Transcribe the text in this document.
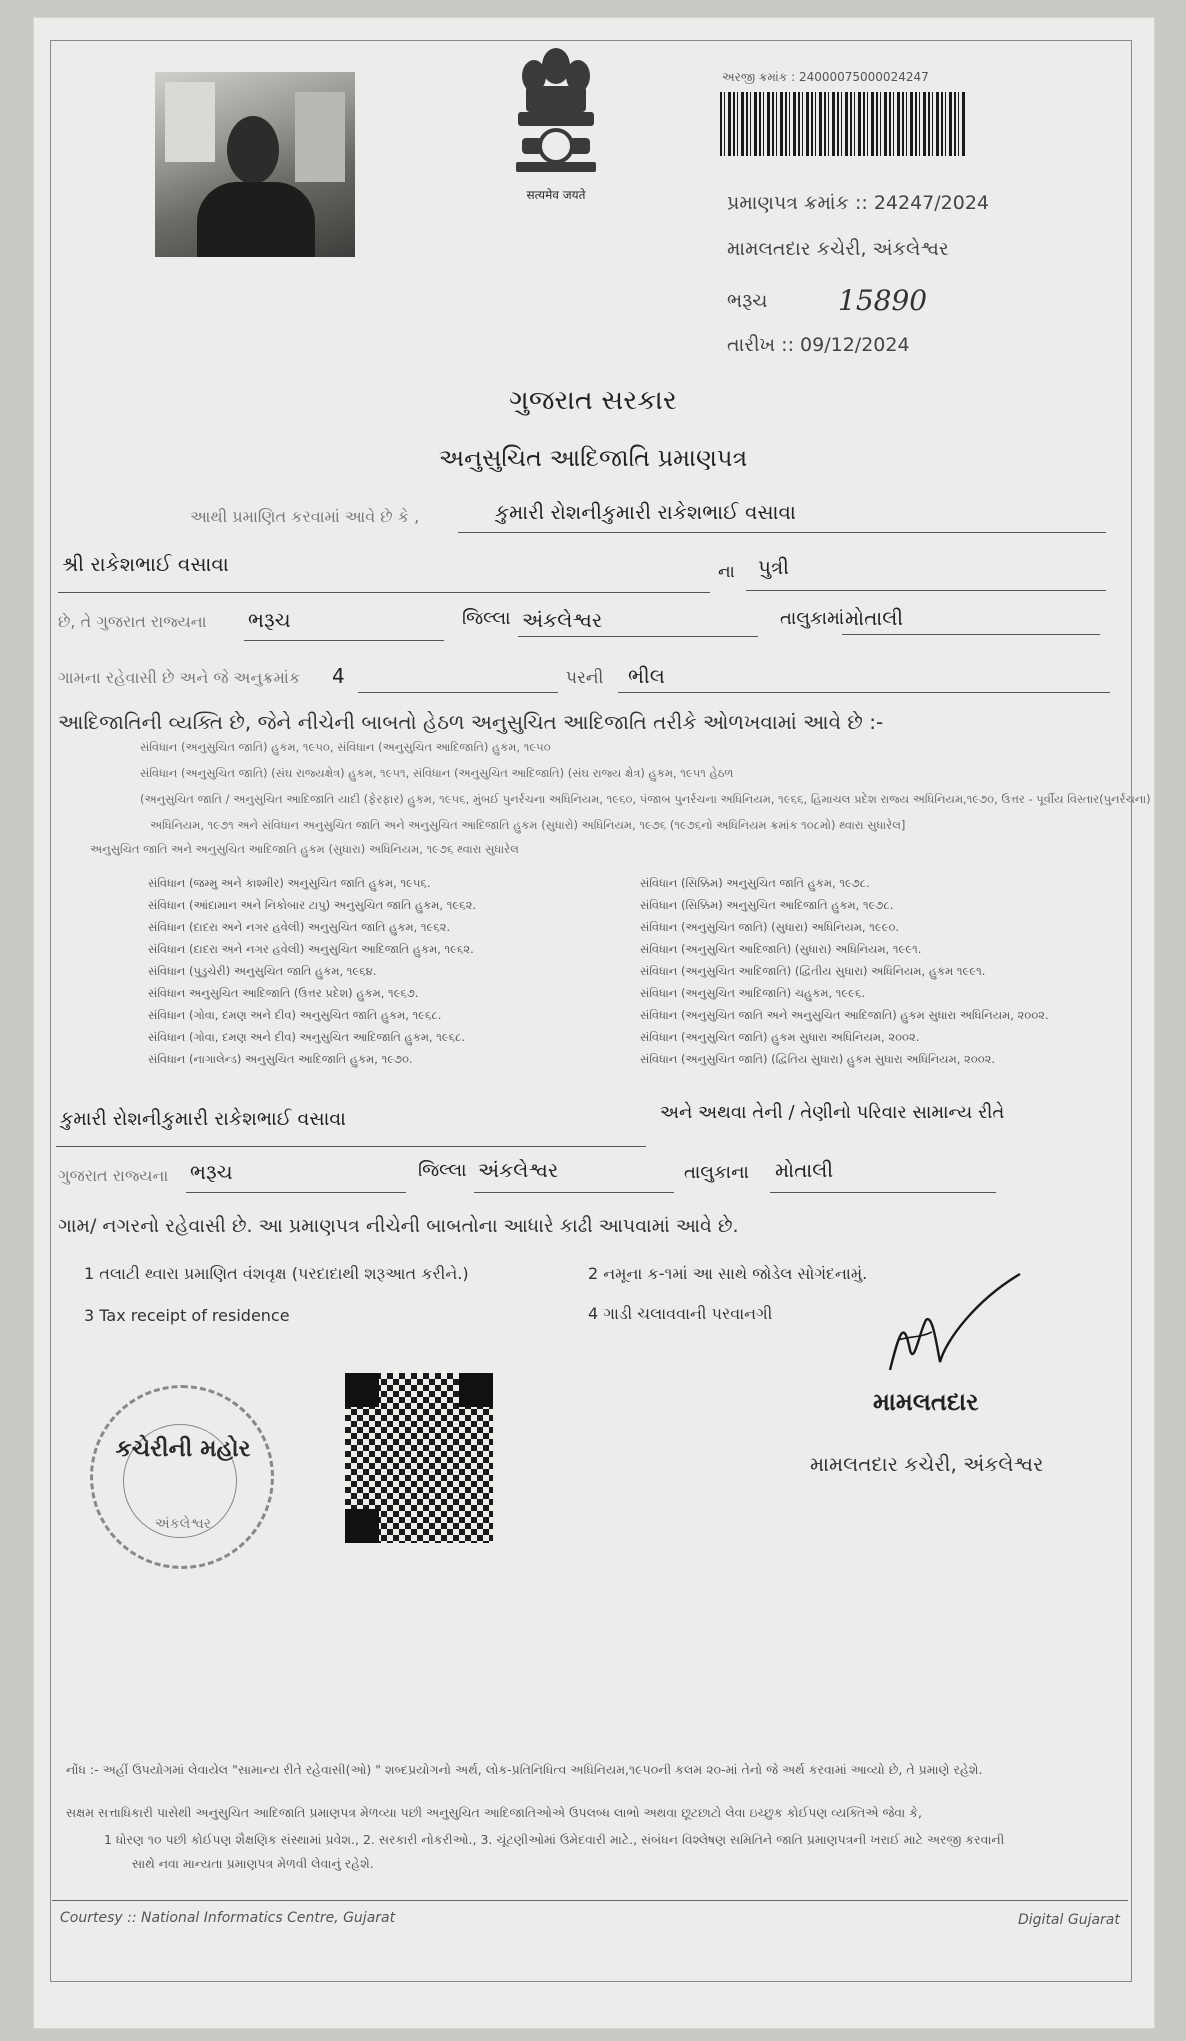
सत्यमेव जयते
અરજી ક્રમાંક : 24000075000024247
પ્રમાણપત્ર ક્રમાંક :: 24247/2024
મામલતદાર કચેરી, અંકલેશ્વર
ભરૂચ	15890
તારીખ :: 09/12/2024
ગુજરાત સરકાર
અનુસુચિત આદિજાતિ પ્રમાણપત્ર
આથી પ્રમાણિત કરવામાં આવે છે કે ,	કુમારી રોશનીકુમારી રાકેશભાઈ વસાવા
શ્રી રાકેશભાઈ વસાવા	ના પુત્રી
છે, તે ગુજરાત રાજ્યના ભરૂચ	જિલ્લા અંકલેશ્વર	તાલુકામાં મોતાલી
ગામના રહેવાસી છે અને જે અનુક્રમાંક 4	પરની ભીલ
આદિજાતિની વ્યક્તિ છે, જેને નીચેની બાબતો હેઠળ અનુસુચિત આદિજાતિ તરીકે ઓળખવામાં આવે છે :-
સંવિધાન (અનુસુચિત જાતિ) હુકમ, ૧૯૫૦, સંવિધાન (અનુસુચિત આદિજાતિ) હુકમ, ૧૯૫૦
સંવિધાન (અનુસુચિત જાતિ) (સંઘ રાજ્યક્ષેત્ર) હુકમ, ૧૯૫૧, સંવિધાન (અનુસુચિત આદિજાતિ) (સંઘ રાજ્ય ક્ષેત્ર) હુકમ, ૧૯૫૧ હેઠળ
(અનુસુચિત જાતિ / અનુસુચિત આદિજાતિ યાદી (ફેરફાર) હુકમ, ૧૯૫૬, મુંબઈ પુનર્રચના અધિનિયમ, ૧૯૬૦, પંજાબ પુનર્રચના અધિનિયમ, ૧૯૬૬, હિમાચલ પ્રદેશ રાજ્ય અધિનિયમ,૧૯૭૦, ઉત્તર - પૂર્વીય વિસ્તાર(પુનર્રચના)
અધિનિયમ, ૧૯૭૧ અને સંવિધાન અનુસુચિત જાતિ અને અનુસુચિત આદિજાતિ હુકમ (સુધારો) અધિનિયમ, ૧૯૭૬ (૧૯૭૬નો અધિનિયમ ક્રમાંક ૧૦૮મો) થ્વારા સુધારેલ]
અનુસુચિત જાતિ અને અનુસુચિત આદિજાતિ હુકમ (સુધારા) અધિનિયમ, ૧૯૭૬ થ્વારા સુધારેલ
સંવિધાન (જમ્મુ અને કાશ્મીર) અનુસુચિત જાતિ હુકમ, ૧૯૫૬.
સંવિધાન (આંદામાન અને નિકોબાર ટાપુ) અનુસુચિત જાતિ હુકમ, ૧૯૬૨.
સંવિધાન (દાદરા અને નગર હવેલી) અનુસુચિત જાતિ હુકમ, ૧૯૬૨.
સંવિધાન (દાદરા અને નગર હવેલી) અનુસુચિત આદિજાતિ હુકમ, ૧૯૬૨.
સંવિધાન (પુડુચેરી) અનુસુચિત જાતિ હુકમ, ૧૯૬૪.
સંવિધાન અનુસુચિત આદિજાતિ (ઉત્તર પ્રદેશ) હુકમ, ૧૯૬૭.
સંવિધાન (ગોવા, દમણ અને દીવ) અનુસુચિત જાતિ હુકમ, ૧૯૬૮.
સંવિધાન (ગોવા, દમણ અને દીવ) અનુસુચિત આદિજાતિ હુકમ, ૧૯૬૮.
સંવિધાન (નાગાલેન્ડ) અનુસુચિત આદિજાતિ હુકમ, ૧૯૭૦.
સંવિધાન (સિક્કિમ) અનુસુચિત જાતિ હુકમ, ૧૯૭૮.
સંવિધાન (સિક્કિમ) અનુસુચિત આદિજાતિ હુકમ, ૧૯૭૮.
સંવિધાન (અનુસુચિત જાતિ) (સુધારા) અધિનિયમ, ૧૯૯૦.
સંવિધાન (અનુસુચિત આદિજાતિ) (સુધારા) અધિનિયમ, ૧૯૯૧.
સંવિધાન (અનુસુચિત આદિજાતિ) (દ્વિતીય સુધારા) અધિનિયમ, હુકમ ૧૯૯૧.
સંવિધાન (અનુસુચિત આદિજાતિ) ચહુકમ, ૧૯૯૬.
સંવિધાન (અનુસુચિત જાતિ અને અનુસુચિત આદિજાતિ) હુકમ સુધારા અધિનિયમ, ૨૦૦૨.
સંવિધાન (અનુસુચિત જાતિ) હુકમ સુધારા અધિનિયમ, ૨૦૦૨.
સંવિધાન (અનુસુચિત જાતિ) (દ્વિતિય સુધારા) હુકમ સુધારા અધિનિયમ, ૨૦૦૨.
કુમારી રોશનીકુમારી રાકેશભાઈ વસાવા	અને અથવા તેની / તેણીનો પરિવાર સામાન્ય રીતે
ગુજરાત રાજ્યના ભરૂચ	જિલ્લા અંકલેશ્વર	તાલુકાના મોતાલી
ગામ/ નગરનો રહેવાસી છે. આ પ્રમાણપત્ર નીચેની બાબતોના આધારે કાઢી આપવામાં આવે છે.
1 તલાટી થ્વારા પ્રમાણિત વંશવૃક્ષ (પરદાદાથી શરૂઆત કરીને.)	2 નમૂના ક-૧માં આ સાથે જોડેલ સોગંદનામું.
3 Tax receipt of residence	4 ગાડી ચલાવવાની પરવાનગી
કચેરીની મહોર
અંકલેશ્વર
મામલતદાર
મામલતદાર કચેરી, અંકલેશ્વર
નોંધ :- અહીં ઉપયોગમાં લેવાયેલ "સામાન્ય રીતે રહેવાસી(ઓ) " શબ્દપ્રયોગનો અર્થ, લોક-પ્રતિનિધિત્વ અધિનિયમ,૧૯૫૦ની કલમ ૨૦-માં તેનો જે અર્થ કરવામાં આવ્યો છે, તે પ્રમાણે રહેશે.
સક્ષમ સત્તાધિકારી પાસેથી અનુસુચિત આદિજાતિ પ્રમાણપત્ર મેળવ્યા પછી અનુસુચિત આદિજાતિઓએ ઉપલબ્ધ લાભો અથવા છૂટછાટો લેવા ઇચ્છુક કોઈપણ વ્યક્તિએ જેવા કે,
1 ધોરણ ૧૦ પછી કોઈપણ શૈક્ષણિક સંસ્થામાં પ્રવેશ., 2. સરકારી નોકરીઓ., 3. ચૂંટણીઓમાં ઉમેદવારી માટે., સંબંધન વિશ્લેષણ સમિતિને જાતિ પ્રમાણપત્રની ખરાઈ માટે અરજી કરવાની
સાથે નવા માન્યતા પ્રમાણપત્ર મેળવી લેવાનું રહેશે.
Courtesy :: National Informatics Centre, Gujarat	Digital Gujarat
